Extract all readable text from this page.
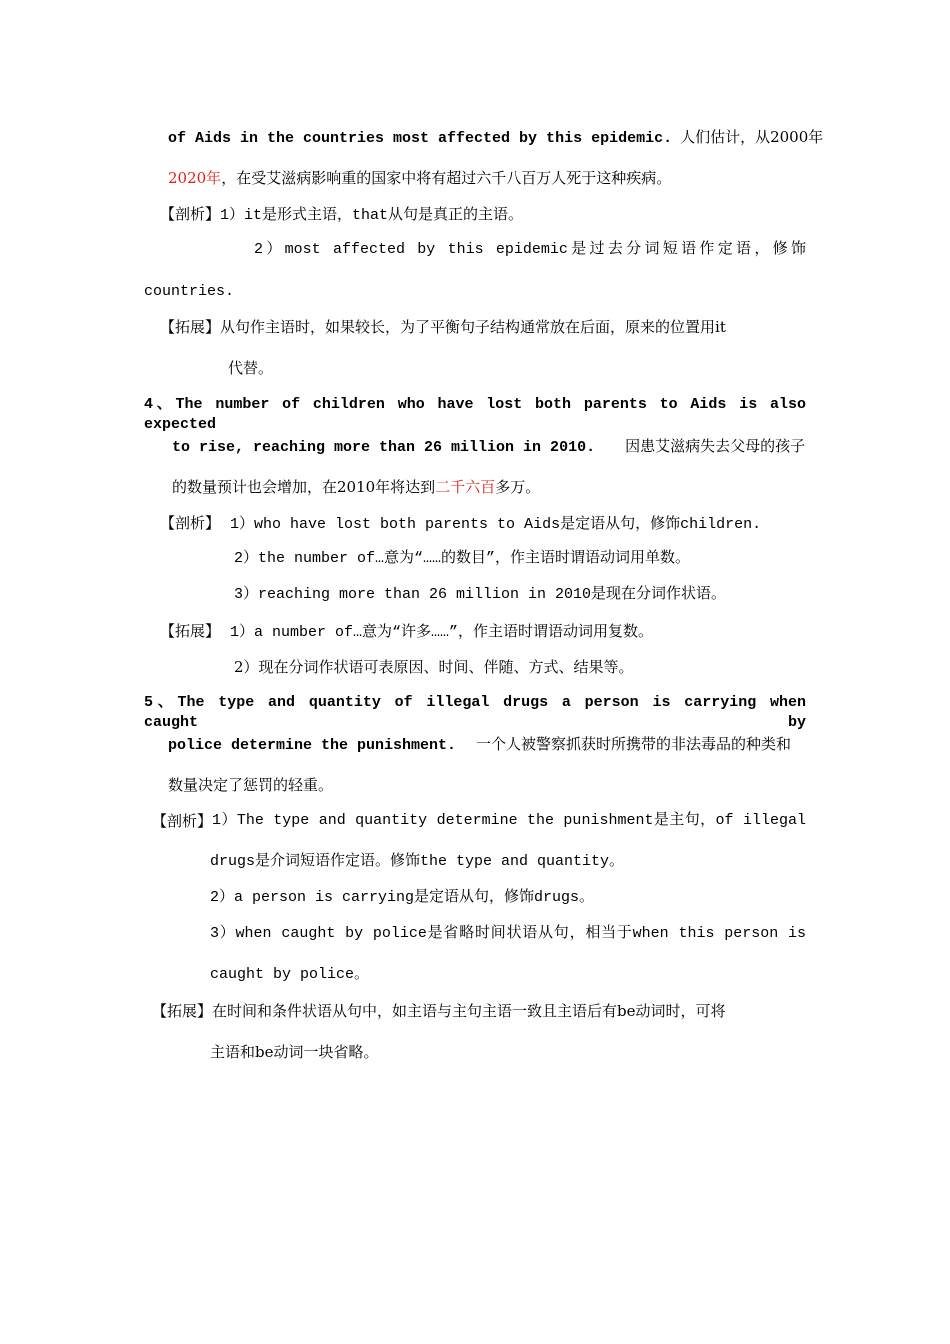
of Aids in the countries most affected by this epidemic. 人们估计，从2000年
2020年，在受艾滋病影响重的国家中将有超过六千八百万人死于这种疾病。
【剖析】1）it是形式主语，that从句是真正的主语。
2）most affected by this epidemic是过去分词短语作定语，修饰
countries.
【拓展】从句作主语时，如果较长，为了平衡句子结构通常放在后面，原来的位置用it
代替。
4、The number of children who have lost both parents to Aids is also expected
to rise, reaching more than 26 million in 2010. 因患艾滋病失去父母的孩子
的数量预计也会增加，在2010年将达到二千六百多万。
【剖析】 1）who have lost both parents to Aids是定语从句，修饰children.
2）the number of…意为“……的数目”，作主语时谓语动词用单数。
3）reaching more than 26 million in 2010是现在分词作状语。
【拓展】 1）a number of…意为“许多……”，作主语时谓语动词用复数。
2）现在分词作状语可表原因、时间、伴随、方式、结果等。
5、The type and quantity of illegal drugs a person is carrying when caught by
police determine the punishment. 一个人被警察抓获时所携带的非法毒品的种类和
数量决定了惩罚的轻重。
【剖析】 1）The type and quantity determine the punishment是主句，of illegal
drugs是介词短语作定语。修饰the type and quantity。
2）a person is carrying是定语从句，修饰drugs。
3）when caught by police是省略时间状语从句，相当于when this person is
caught by police。
【拓展】在时间和条件状语从句中，如主语与主句主语一致且主语后有be动词时，可将
主语和be动词一块省略。
